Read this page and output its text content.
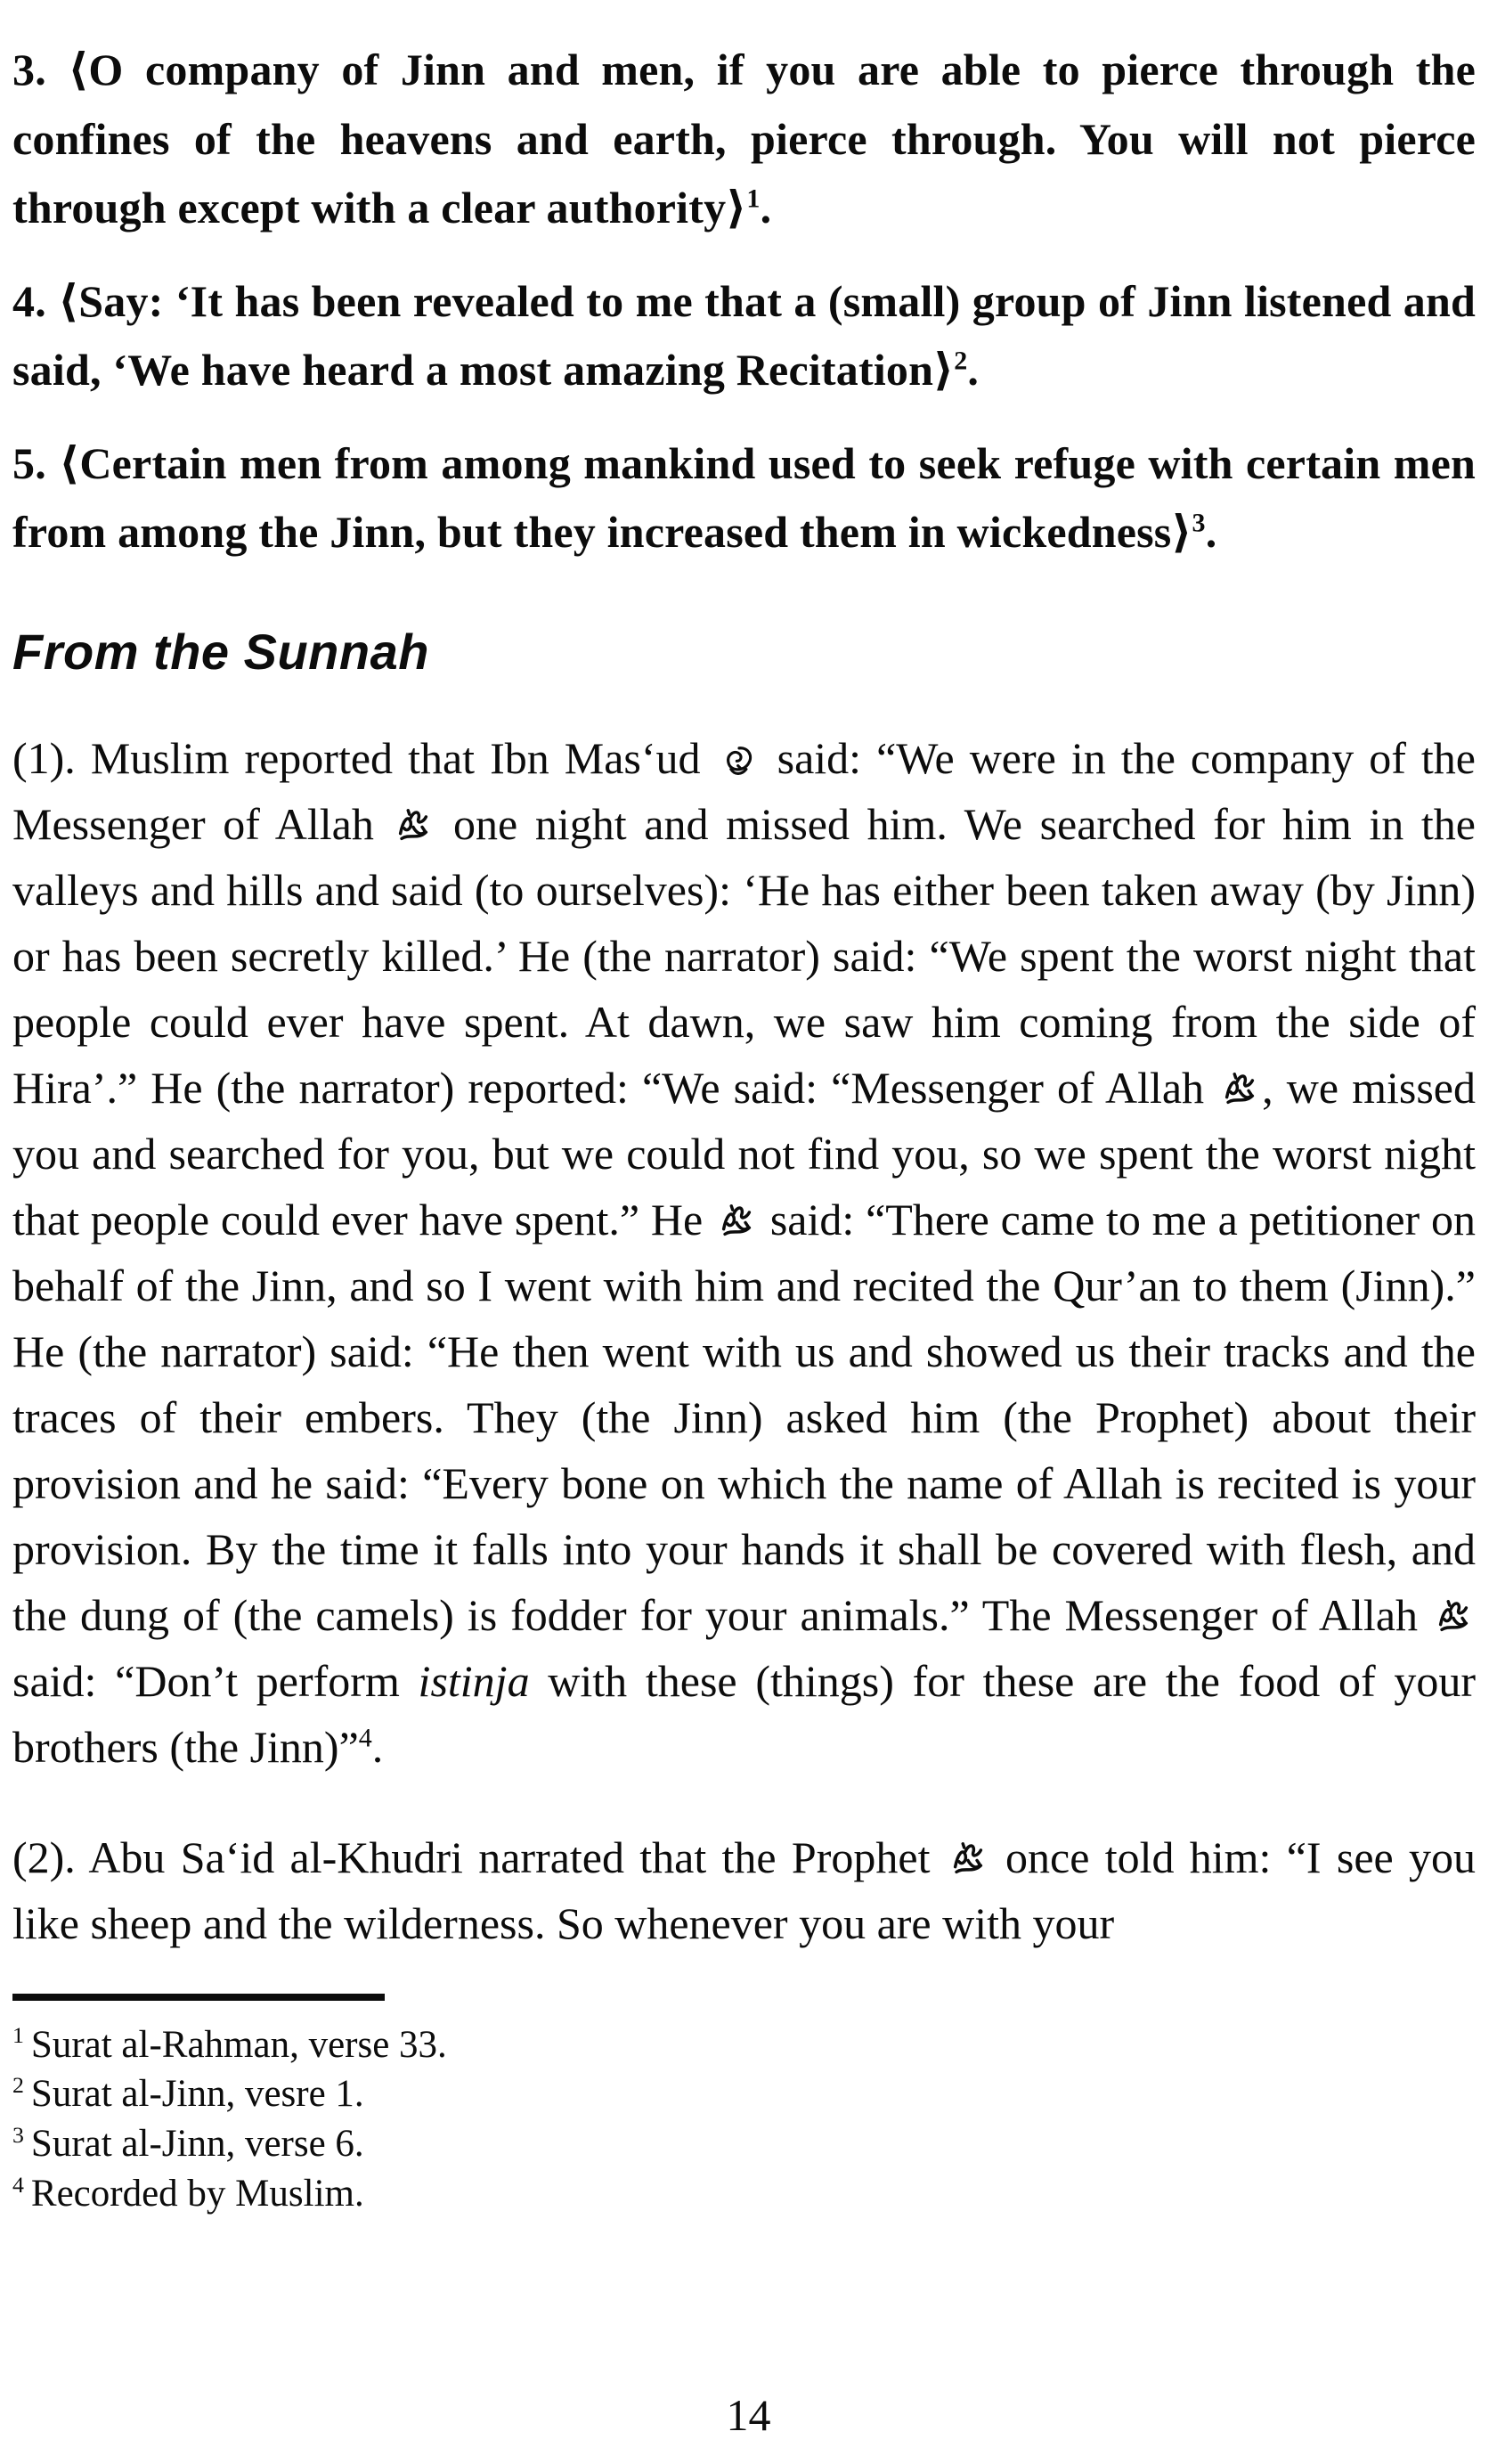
3. ⟨O company of Jinn and men, if you are able to pierce through the confines of the heavens and earth, pierce through. You will not pierce through except with a clear authority⟩$^1$.

4. ⟨Say: ‘It has been revealed to me that a (small) group of Jinn listened and said, ‘We have heard a most amazing Recitation⟩$^2$.

5. ⟨Certain men from among mankind used to seek refuge with certain men from among the Jinn, but they increased them in wickedness⟩$^3$.

From the Sunnah

(1). Muslim reported that Ibn Mas‘ud  said: “We were in the company of the Messenger of Allah  one night and missed him. We searched for him in the valleys and hills and said (to ourselves): ‘He has either been taken away (by Jinn) or has been secretly killed.’ He (the narrator) said: “We spent the worst night that people could ever have spent. At dawn, we saw him coming from the side of Hira’.” He (the narrator) reported: “We said: “Messenger of Allah , we missed you and searched for you, but we could not find you, so we spent the worst night that people could ever have spent.” He  said: “There came to me a petitioner on behalf of the Jinn, and so I went with him and recited the Qur’an to them (Jinn).” He (the narrator) said: “He then went with us and showed us their tracks and the traces of their embers. They (the Jinn) asked him (the Prophet) about their provision and he said: “Every bone on which the name of Allah is recited is your provision. By the time it falls into your hands it shall be covered with flesh, and the dung of (the camels) is fodder for your animals.” The Messenger of Allah  said: “Don’t perform istinja with these (things) for these are the food of your brothers (the Jinn)”$^4$.

(2). Abu Sa‘id al-Khudri narrated that the Prophet  once told him: “I see you like sheep and the wilderness. So whenever you are with your

$^1$ Surat al-Rahman, verse 33.

$^2$ Surat al-Jinn, vesre 1.

$^3$ Surat al-Jinn, verse 6.

$^4$ Recorded by Muslim.

14
